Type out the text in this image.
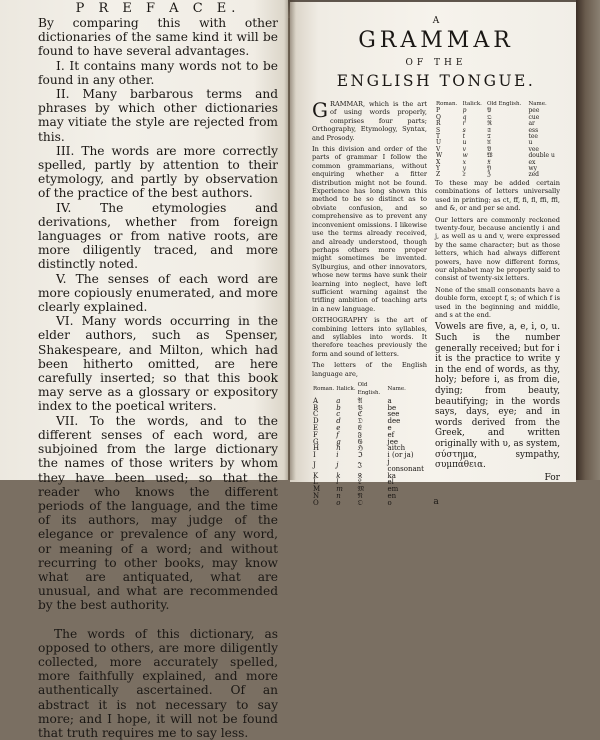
P R E F A C E.

By comparing this with other dictionaries of the same kind it will be found to have several advantages.

I. It contains many words not to be found in any other.

II. Many barbarous terms and phrases by which other dictionaries may vitiate the style are rejected from this.

III. The words are more correctly spelled, partly by attention to their etymology, and partly by observation of the practice of the best authors.

IV. The etymologies and derivations, whether from foreign languages or from native roots, are more diligently traced, and more distinctly noted.

V. The senses of each word are more copiously enumerated, and more clearly explained.

VI. Many words occurring in the elder authors, such as Spenser, Shakespeare, and Milton, which had been hitherto omitted, are here carefully inserted; so that this book may serve as a glossary or expository index to the poetical writers.

VII. To the words, and to the different senses of each word, are subjoined from the large dictionary the names of those writers by whom they have been used; so that the reader who knows the different periods of the language, and the time of its authors, may judge of the elegance or prevalence of any word, or meaning of a word; and without recurring to other books, may know what are antiquated, what are unusual, and what are recommended by the best authority.

The words of this dictionary, as opposed to others, are more diligently collected, more accurately spelled, more faithfully explained, and more authentically ascertained. Of an abstract it is not necessary to say more; and I hope, it will not be found that truth requires me to say less.

A
GRAMMAR
OF THE
ENGLISH TONGUE.

GRAMMAR, which is the art of using words properly, comprises four parts; Orthography, Etymology, Syntax, and Prosody.

In this division and order of the parts of grammar I follow the common grammarians, without enquiring whether a fitter distribution might not be found. Experience has long shown this method to be so distinct as to obviate confusion, and so comprehensive as to prevent any inconvenient omissions. I likewise use the terms already received, and already understood, though perhaps others more proper might sometimes be invented. Sylburgius, and other innovators, whose new terms have sunk their learning into neglect, have left sufficient warning against the trifling ambition of teaching arts in a new language.

ORTHOGRAPHY is the art of combining letters into syllables, and syllables into words. It therefore teaches previously the form and sound of letters.

The letters of the English language are,

Roman.	Italick.	Old English.	Name.
A	a	𝔄	a
B	b	𝔅	be
C	c	ℭ	see
D	d	𝔇	dee
E	e	𝔈	e
F	f	𝔉	ef
G	g	𝔊	jee
H	h	ℌ	aitch
I	i	ℑ	i (or ja)
J	j	𝔍	j consonant
K	k	𝔎	ka
L	l	𝔏	el
M	m	𝔐	em
N	n	𝔑	en
O	o	𝔒	o
Roman.	Italick.	Old English.	Name.
P	p	𝔓	pee
Q	q	𝔔	cue
R	r	ℜ	ar
S	s	𝔖	ess
T	t	𝔗	tee
U	u	𝔘	u
V	v	𝔙	vee
W	w	𝔚	double u
X	x	𝔛	ex
Y	y	𝔜	wy
Z	z	ℨ	zed

To these may be added certain combinations of letters universally used in printing; as ct, ff, fi, fl, ffi, ffl, and &, or and per se and.

Our letters are commonly reckoned twenty-four, because anciently i and j, as well as u and v, were expressed by the same character; but as those letters, which had always different powers, have now different forms, our alphabet may be properly said to consist of twenty-six letters.

None of the small consonants have a double form, except f, s; of which f is used in the beginning and middle, and s at the end.

Vowels are five, a, e, i, o, u. Such is the number generally received; but for i it is the practice to write y in the end of words, as thy, holy; before i, as from die, dying; from beauty, beautifying; in the words says, days, eye; and in words derived from the Greek, and written originally with υ, as system, σύστημα, sympathy, συμπάθεια.

For
a
